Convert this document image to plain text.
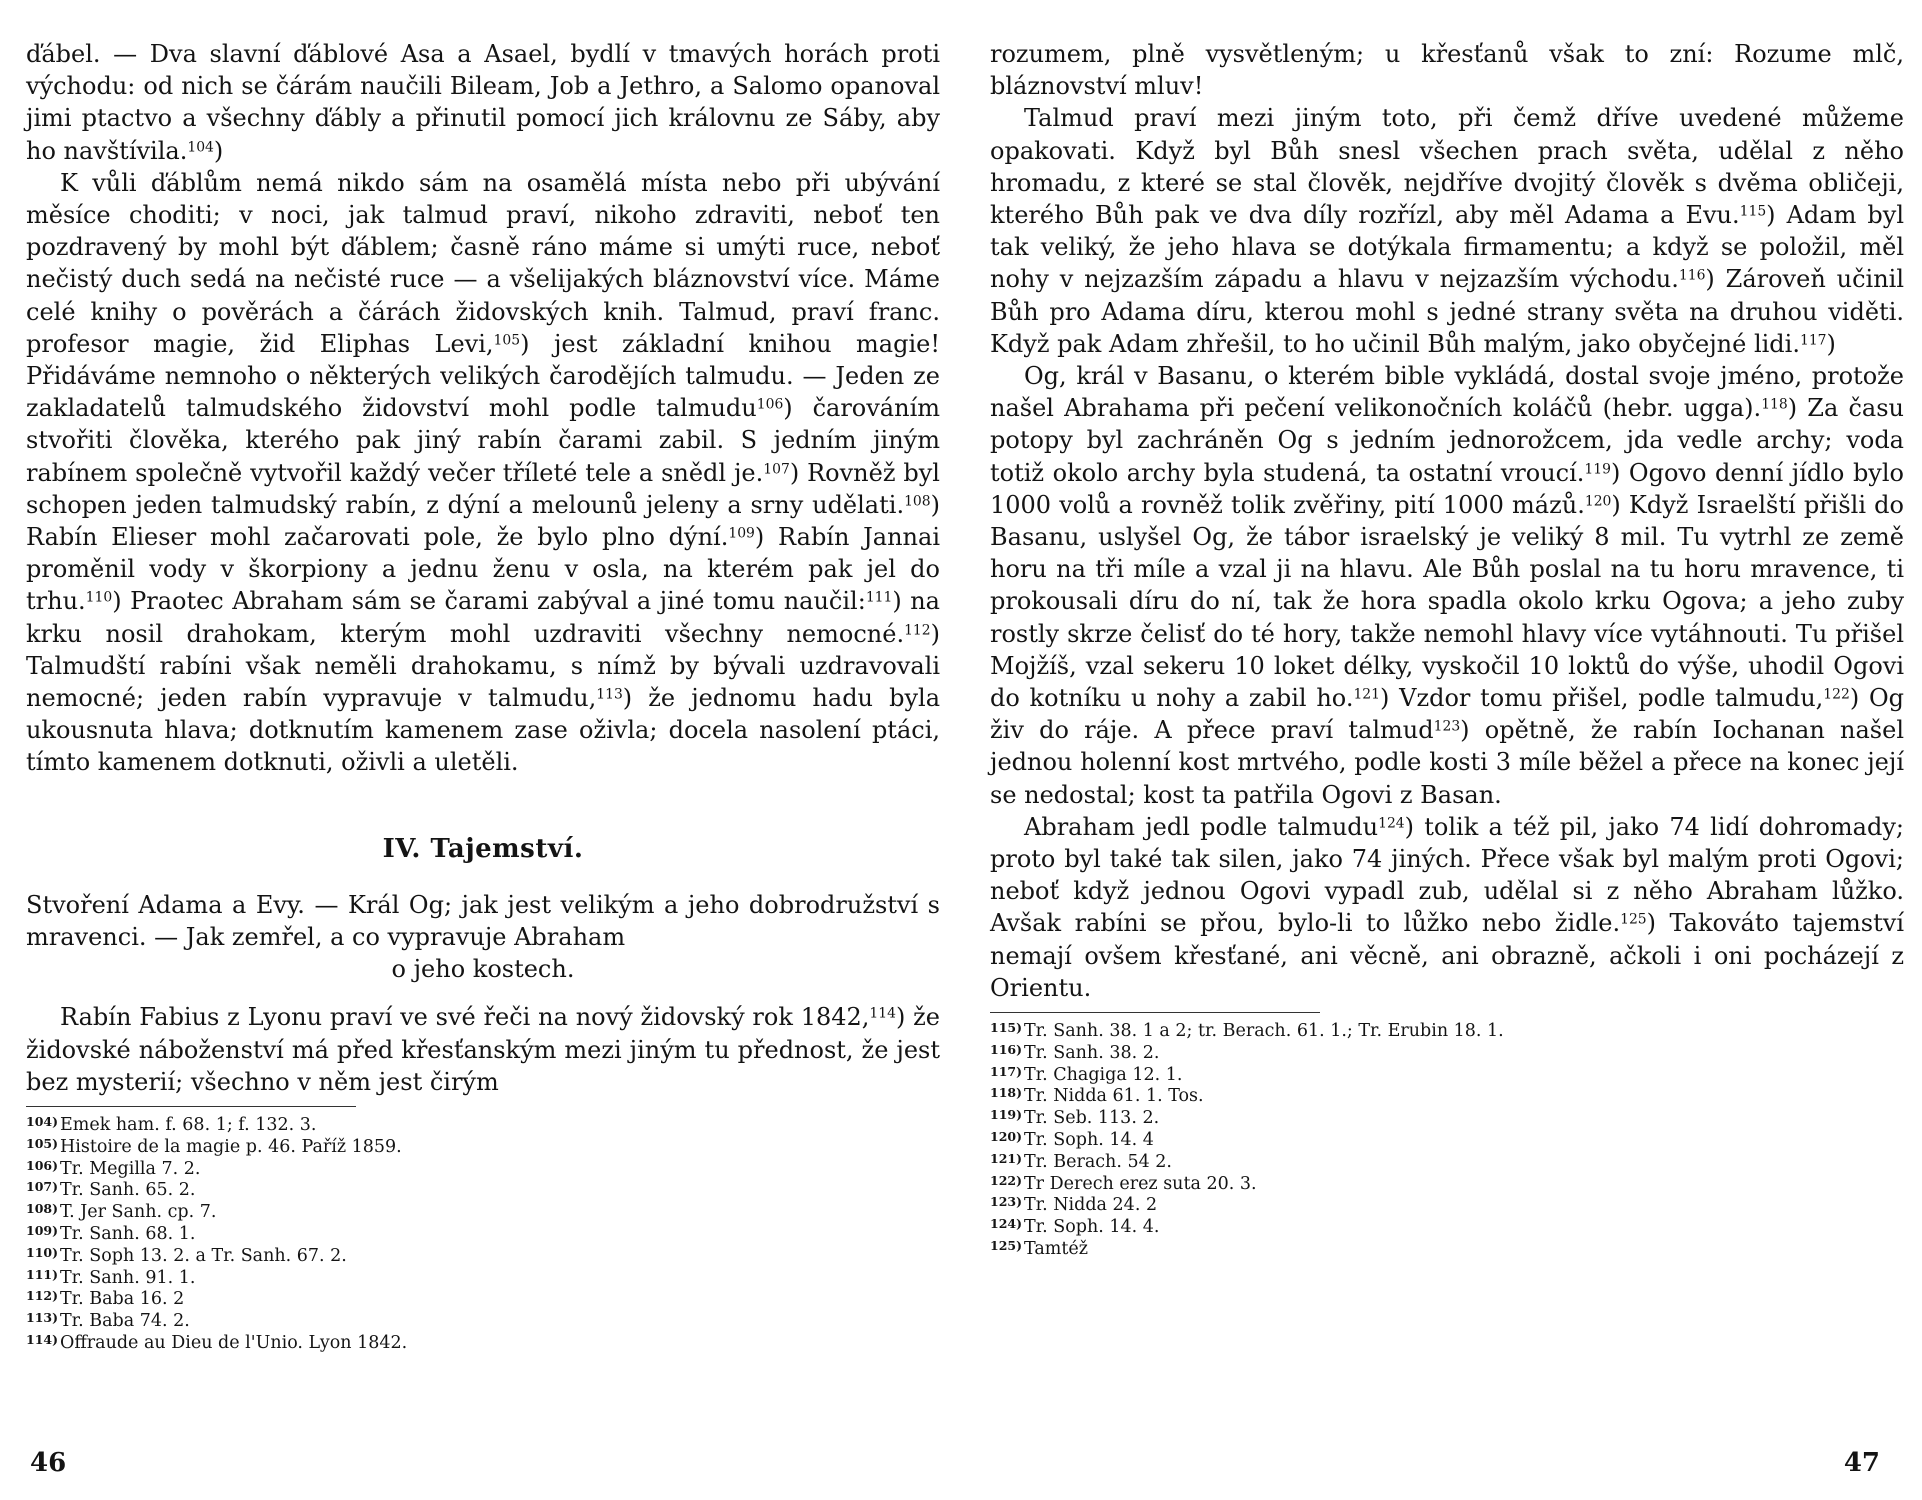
ďábel. — Dva slavní ďáblové Asa a Asael, bydlí v tmavých horách proti východu: od nich se čárám naučili Bileam, Job a Jethro, a Salomo opanoval jimi ptactvo a všechny ďábly a přinutil pomocí jich královnu ze Sáby, aby ho navštívila.$^{104}$)

K vůli ďáblům nemá nikdo sám na osamělá místa nebo při ubývání měsíce choditi; v noci, jak talmud praví, nikoho zdraviti, neboť ten pozdravený by mohl být ďáblem; časně ráno máme si umýti ruce, neboť nečistý duch sedá na nečisté ruce — a všelijakých bláznovství více. Máme celé knihy o pověrách a čárách židovských knih. Talmud, praví franc. profesor magie, žid Eliphas Levi,$^{105}$) jest základní knihou magie! Přidáváme nemnoho o některých velikých čarodějích talmudu. — Jeden ze zakladatelů talmudského židovství mohl podle talmudu$^{106}$) čarováním stvořiti člověka, kterého pak jiný rabín čarami zabil. S jedním jiným rabínem společně vytvořil každý večer tříleté tele a snědl je.$^{107}$) Rovněž byl schopen jeden talmudský rabín, z dýní a melounů jeleny a srny udělati.$^{108}$) Rabín Elieser mohl začarovati pole, že bylo plno dýní.$^{109}$) Rabín Jannai proměnil vody v škorpiony a jednu ženu v osla, na kterém pak jel do trhu.$^{110}$) Praotec Abraham sám se čarami zabýval a jiné tomu naučil:$^{111}$) na krku nosil drahokam, kterým mohl uzdraviti všechny nemocné.$^{112}$) Talmudští rabíni však neměli drahokamu, s nímž by bývali uzdravovali nemocné; jeden rabín vypravuje v talmudu,$^{113}$) že jednomu hadu byla ukousnuta hlava; dotknutím kamenem zase oživla; docela nasolení ptáci, tímto kamenem dotknuti, oživli a uletěli.

IV. Tajemství.

Stvoření Adama a Evy. — Král Og; jak jest velikým a jeho dobrodružství s mravenci. — Jak zemřel, a co vypravuje Abraham
o jeho kostech.

Rabín Fabius z Lyonu praví ve své řeči na nový židovský rok 1842,$^{114}$) že židovské náboženství má před křesťanským mezi jiným tu přednost, že jest bez mysterií; všechno v něm jest čirým

104) Emek ham. f. 68. 1; f. 132. 3.
105) Histoire de la magie p. 46. Paříž 1859.
106) Tr. Megilla 7. 2.
107) Tr. Sanh. 65. 2.
108) T. Jer Sanh. cp. 7.
109) Tr. Sanh. 68. 1.
110) Tr. Soph 13. 2. a Tr. Sanh. 67. 2.
111) Tr. Sanh. 91. 1.
112) Tr. Baba 16. 2
113) Tr. Baba 74. 2.
114) Offraude au Dieu de l'Unio. Lyon 1842.
46

rozumem, plně vysvětleným; u křesťanů však to zní: Rozume mlč, bláznovství mluv!

Talmud praví mezi jiným toto, při čemž dříve uvedené můžeme opakovati. Když byl Bůh snesl všechen prach světa, udělal z něho hromadu, z které se stal člověk, nejdříve dvojitý člověk s dvěma obličeji, kterého Bůh pak ve dva díly rozřízl, aby měl Adama a Evu.$^{115}$) Adam byl tak veliký, že jeho hlava se dotýkala firmamentu; a když se položil, měl nohy v nejzazším západu a hlavu v nejzazším východu.$^{116}$) Zároveň učinil Bůh pro Adama díru, kterou mohl s jedné strany světa na druhou viděti. Když pak Adam zhřešil, to ho učinil Bůh malým, jako obyčejné lidi.$^{117}$)

Og, král v Basanu, o kterém bible vykládá, dostal svoje jméno, protože našel Abrahama při pečení velikonočních koláčů (hebr. ugga).$^{118}$) Za času potopy byl zachráněn Og s jedním jednorožcem, jda vedle archy; voda totiž okolo archy byla studená, ta ostatní vroucí.$^{119}$) Ogovo denní jídlo bylo 1000 volů a rovněž tolik zvěřiny, pití 1000 mázů.$^{120}$) Když Israelští přišli do Basanu, uslyšel Og, že tábor israelský je veliký 8 mil. Tu vytrhl ze země horu na tři míle a vzal ji na hlavu. Ale Bůh poslal na tu horu mravence, ti prokousali díru do ní, tak že hora spadla okolo krku Ogova; a jeho zuby rostly skrze čelisť do té hory, takže nemohl hlavy více vytáhnouti. Tu přišel Mojžíš, vzal sekeru 10 loket délky, vyskočil 10 loktů do výše, uhodil Ogovi do kotníku u nohy a zabil ho.$^{121}$) Vzdor tomu přišel, podle talmudu,$^{122}$) Og živ do ráje. A přece praví talmud$^{123}$) opětně, že rabín Iochanan našel jednou holenní kost mrtvého, podle kosti 3 míle běžel a přece na konec její se nedostal; kost ta patřila Ogovi z Basan.

Abraham jedl podle talmudu$^{124}$) tolik a též pil, jako 74 lidí dohromady; proto byl také tak silen, jako 74 jiných. Přece však byl malým proti Ogovi; neboť když jednou Ogovi vypadl zub, udělal si z něho Abraham lůžko. Avšak rabíni se přou, bylo-li to lůžko nebo židle.$^{125}$) Takováto tajemství nemají ovšem křesťané, ani věcně, ani obrazně, ačkoli i oni pocházejí z Orientu.

115) Tr. Sanh. 38. 1 a 2; tr. Berach. 61. 1.; Tr. Erubin 18. 1.
116) Tr. Sanh. 38. 2.
117) Tr. Chagiga 12. 1.
118) Tr. Nidda 61. 1. Tos.
119) Tr. Seb. 113. 2.
120) Tr. Soph. 14. 4
121) Tr. Berach. 54 2.
122) Tr Derech erez suta 20. 3.
123) Tr. Nidda 24. 2
124) Tr. Soph. 14. 4.
125) Tamtéž
47
